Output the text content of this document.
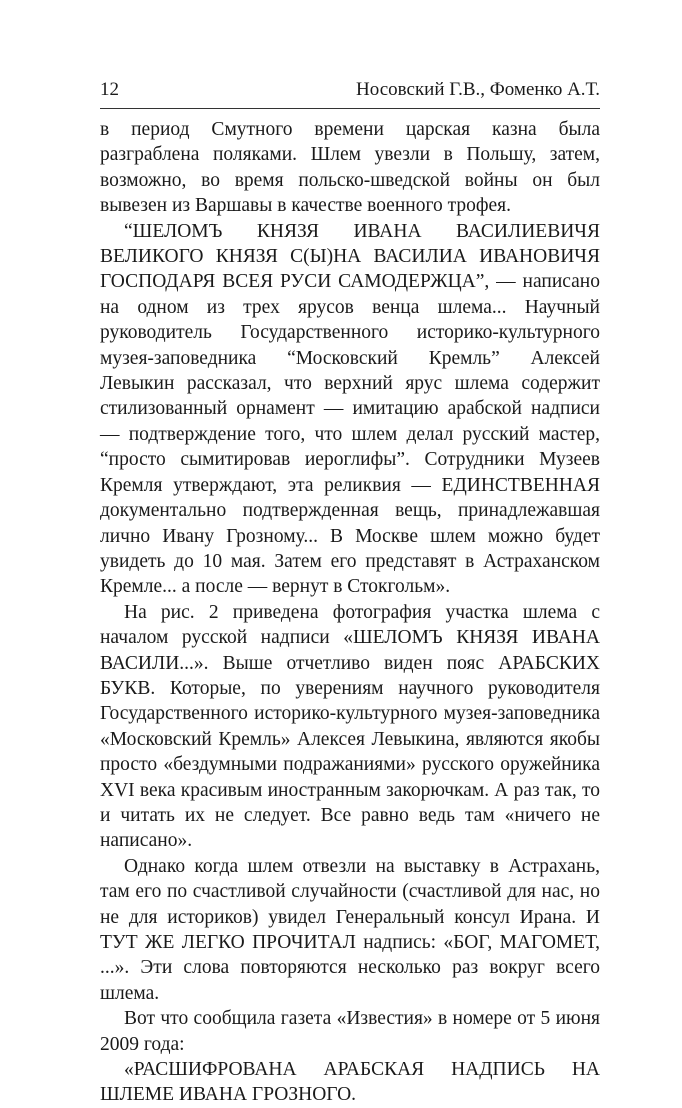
12	Носовский Г.В., Фоменко А.Т.

в период Смутного времени царская казна была разграблена поляками. Шлем увезли в Польшу, затем, возможно, во время польско-шведской войны он был вывезен из Варшавы в качестве военного трофея.

“ШЕЛОМЪ КНЯЗЯ ИВАНА ВАСИЛИЕВИЧЯ ВЕЛИКОГО КНЯЗЯ С(Ы)НА ВАСИЛИА ИВАНОВИЧЯ ГОСПОДАРЯ ВСЕЯ РУСИ САМОДЕРЖЦА”, — написано на одном из трех ярусов венца шлема... Научный руководитель Государственного историко-культурного музея-заповедника “Московский Кремль” Алексей Левыкин рассказал, что верхний ярус шлема содержит стилизованный орнамент — имитацию арабской надписи — подтверждение того, что шлем делал русский мастер, “просто сымитировав иероглифы”. Сотрудники Музеев Кремля утверждают, эта реликвия — ЕДИНСТВЕННАЯ документально подтвержденная вещь, принадлежавшая лично Ивану Грозному... В Москве шлем можно будет увидеть до 10 мая. Затем его представят в Астраханском Кремле... а после — вернут в Стокгольм».

На рис. 2 приведена фотография участка шлема с началом русской надписи «ШЕЛОМЪ КНЯЗЯ ИВАНА ВАСИЛИ...». Выше отчетливо виден пояс АРАБСКИХ БУКВ. Которые, по уверениям научного руководителя Государственного историко-культурного музея-заповедника «Московский Кремль» Алексея Левыкина, являются якобы просто «бездумными подражаниями» русского оружейника XVI века красивым иностранным закорючкам. А раз так, то и читать их не следует. Все равно ведь там «ничего не написано».

Однако когда шлем отвезли на выставку в Астрахань, там его по счастливой случайности (счастливой для нас, но не для историков) увидел Генеральный консул Ирана. И ТУТ ЖЕ ЛЕГКО ПРОЧИТАЛ надпись: «БОГ, МАГОМЕТ, ...». Эти слова повторяются несколько раз вокруг всего шлема.

Вот что сообщила газета «Известия» в номере от 5 июня 2009 года:

«РАСШИФРОВАНА АРАБСКАЯ НАДПИСЬ НА ШЛЕМЕ ИВАНА ГРОЗНОГО.
